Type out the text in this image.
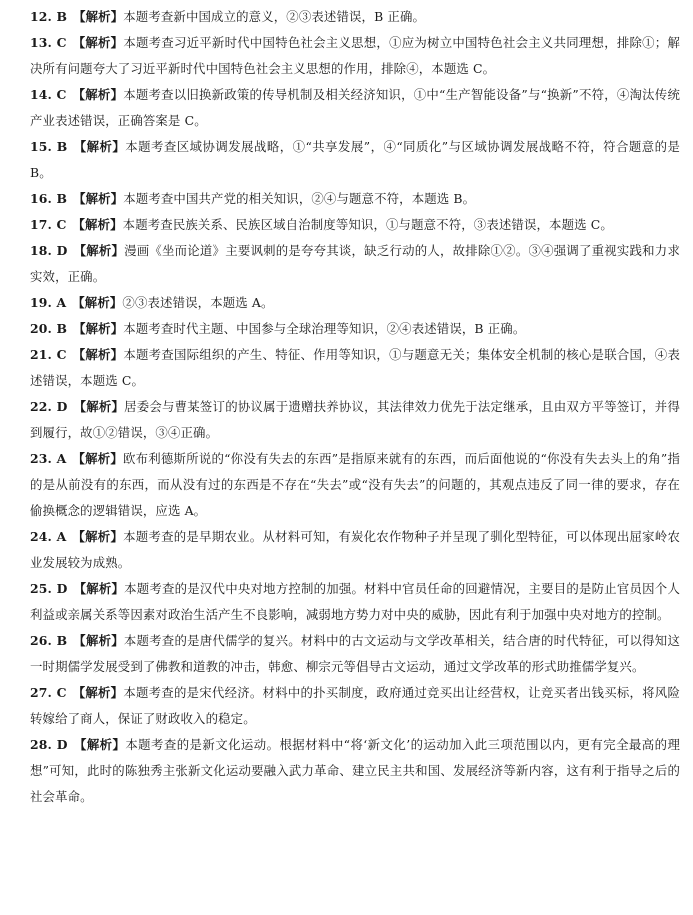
12. B 【解析】本题考查新中国成立的意义，②③表述错误，B 正确。

13. C 【解析】本题考查习近平新时代中国特色社会主义思想，①应为树立中国特色社会主义共同理想，排除①；解决所有问题夸大了习近平新时代中国特色社会主义思想的作用，排除④，本题选 C。

14. C 【解析】本题考查以旧换新政策的传导机制及相关经济知识，①中“生产智能设备”与“换新”不符，④淘汰传统产业表述错误，正确答案是 C。

15. B 【解析】本题考查区域协调发展战略，①“共享发展”，④“同质化”与区域协调发展战略不符，符合题意的是 B。

16. B 【解析】本题考查中国共产党的相关知识，②④与题意不符，本题选 B。

17. C 【解析】本题考查民族关系、民族区域自治制度等知识，①与题意不符，③表述错误，本题选 C。

18. D 【解析】漫画《坐而论道》主要讽刺的是夸夸其谈，缺乏行动的人，故排除①②。③④强调了重视实践和力求实效，正确。

19. A 【解析】②③表述错误，本题选 A。

20. B 【解析】本题考查时代主题、中国参与全球治理等知识，②④表述错误，B 正确。

21. C 【解析】本题考查国际组织的产生、特征、作用等知识，①与题意无关；集体安全机制的核心是联合国，④表述错误，本题选 C。

22. D 【解析】居委会与曹某签订的协议属于遗赠扶养协议，其法律效力优先于法定继承，且由双方平等签订，并得到履行，故①②错误，③④正确。

23. A 【解析】欧布利德斯所说的“你没有失去的东西”是指原来就有的东西，而后面他说的“你没有失去头上的角”指的是从前没有的东西，而从没有过的东西是不存在“失去”或“没有失去”的问题的，其观点违反了同一律的要求，存在偷换概念的逻辑错误，应选 A。

24. A 【解析】本题考查的是早期农业。从材料可知，有炭化农作物种子并呈现了驯化型特征，可以体现出屈家岭农业发展较为成熟。

25. D 【解析】本题考查的是汉代中央对地方控制的加强。材料中官员任命的回避情况，主要目的是防止官员因个人利益或亲属关系等因素对政治生活产生不良影响，减弱地方势力对中央的威胁，因此有利于加强中央对地方的控制。

26. B 【解析】本题考查的是唐代儒学的复兴。材料中的古文运动与文学改革相关，结合唐的时代特征，可以得知这一时期儒学发展受到了佛教和道教的冲击，韩愈、柳宗元等倡导古文运动，通过文学改革的形式助推儒学复兴。

27. C 【解析】本题考查的是宋代经济。材料中的扑买制度，政府通过竞买出让经营权，让竞买者出钱买标，将风险转嫁给了商人，保证了财政收入的稳定。

28. D 【解析】本题考查的是新文化运动。根据材料中“将‘新文化’的运动加入此三项范围以内，更有完全最高的理想”可知，此时的陈独秀主张新文化运动要融入武力革命、建立民主共和国、发展经济等新内容，这有利于指导之后的社会革命。
